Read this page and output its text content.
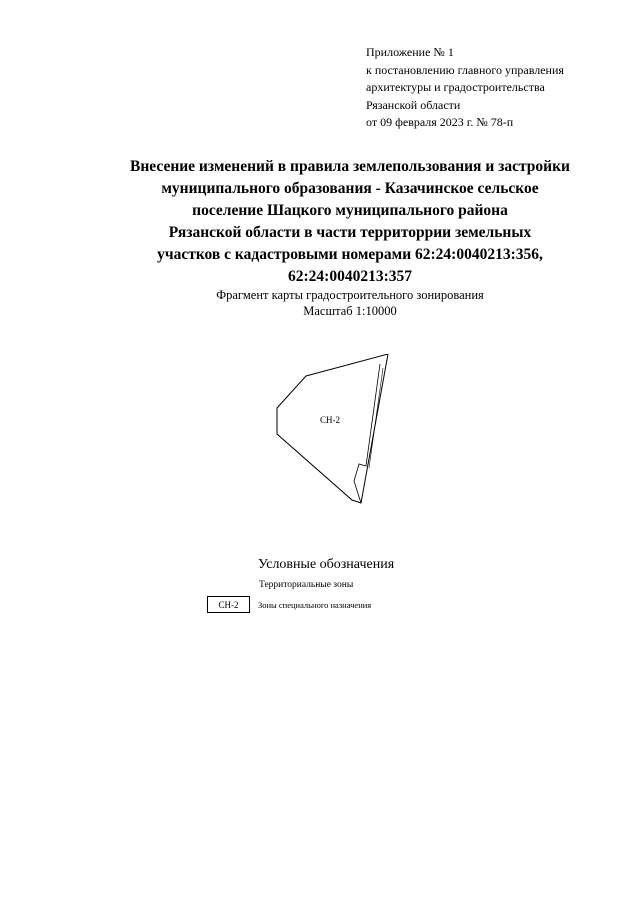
Приложение № 1
к постановлению главного управления
архитектуры и градостроительства
Рязанской области
от 09 февраля 2023 г. № 78-п
Внесение изменений в правила землепользования и застройки
муниципального образования - Казачинское сельское
поселение Шацкого муниципального района
Рязанской области в части территоррии земельных
участков с кадастровыми номерами 62:24:0040213:356,
62:24:0040213:357
Фрагмент карты градостроительного зонирования
Масштаб 1:10000
СН-2
Условные обозначения
Территориальные зоны
СН-2	Зоны специального назначения
